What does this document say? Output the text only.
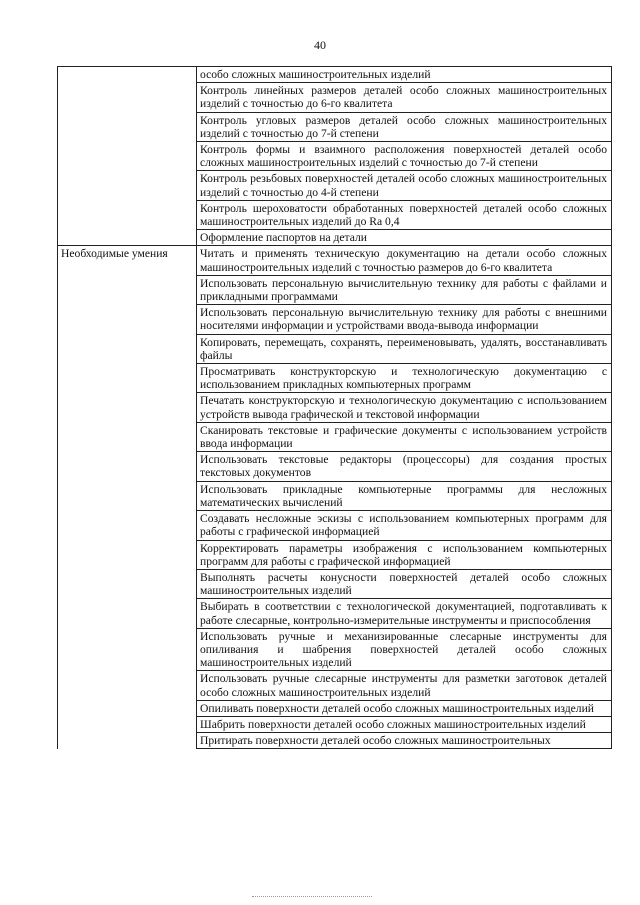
40
	особо сложных машиностроительных изделий
	Контроль линейных размеров деталей особо сложных машиностроительных изделий с точностью до 6-го квалитета
	Контроль угловых размеров деталей особо сложных машиностроительных изделий с точностью до 7-й степени
	Контроль формы и взаимного расположения поверхностей деталей особо сложных машиностроительных изделий с точностью до 7-й степени
	Контроль резьбовых поверхностей деталей особо сложных машиностроительных изделий с точностью до 4-й степени
	Контроль шероховатости обработанных поверхностей деталей особо сложных машиностроительных изделий до Ra 0,4
	Оформление паспортов на детали
Необходимые умения	Читать и применять техническую документацию на детали особо сложных машиностроительных изделий с точностью размеров до 6-го квалитета
	Использовать персональную вычислительную технику для работы с файлами и прикладными программами
	Использовать персональную вычислительную технику для работы с внешними носителями информации и устройствами ввода-вывода информации
	Копировать, перемещать, сохранять, переименовывать, удалять, восстанавливать файлы
	Просматривать конструкторскую и технологическую документацию с использованием прикладных компьютерных программ
	Печатать конструкторскую и технологическую документацию с использованием устройств вывода графической и текстовой информации
	Сканировать текстовые и графические документы с использованием устройств ввода информации
	Использовать текстовые редакторы (процессоры) для создания простых текстовых документов
	Использовать прикладные компьютерные программы для несложных математических вычислений
	Создавать несложные эскизы с использованием компьютерных программ для работы с графической информацией
	Корректировать параметры изображения с использованием компьютерных программ для работы с графической информацией
	Выполнять расчеты конусности поверхностей деталей особо сложных машиностроительных изделий
	Выбирать в соответствии с технологической документацией, подготавливать к работе слесарные, контрольно-измерительные инструменты и приспособления
	Использовать ручные и механизированные слесарные инструменты для опиливания и шабрения поверхностей деталей особо сложных машиностроительных изделий
	Использовать ручные слесарные инструменты для разметки заготовок деталей особо сложных машиностроительных изделий
	Опиливать поверхности деталей особо сложных машиностроительных изделий
	Шабрить поверхности деталей особо сложных машиностроительных изделий
	Притирать поверхности деталей особо сложных машиностроительных
